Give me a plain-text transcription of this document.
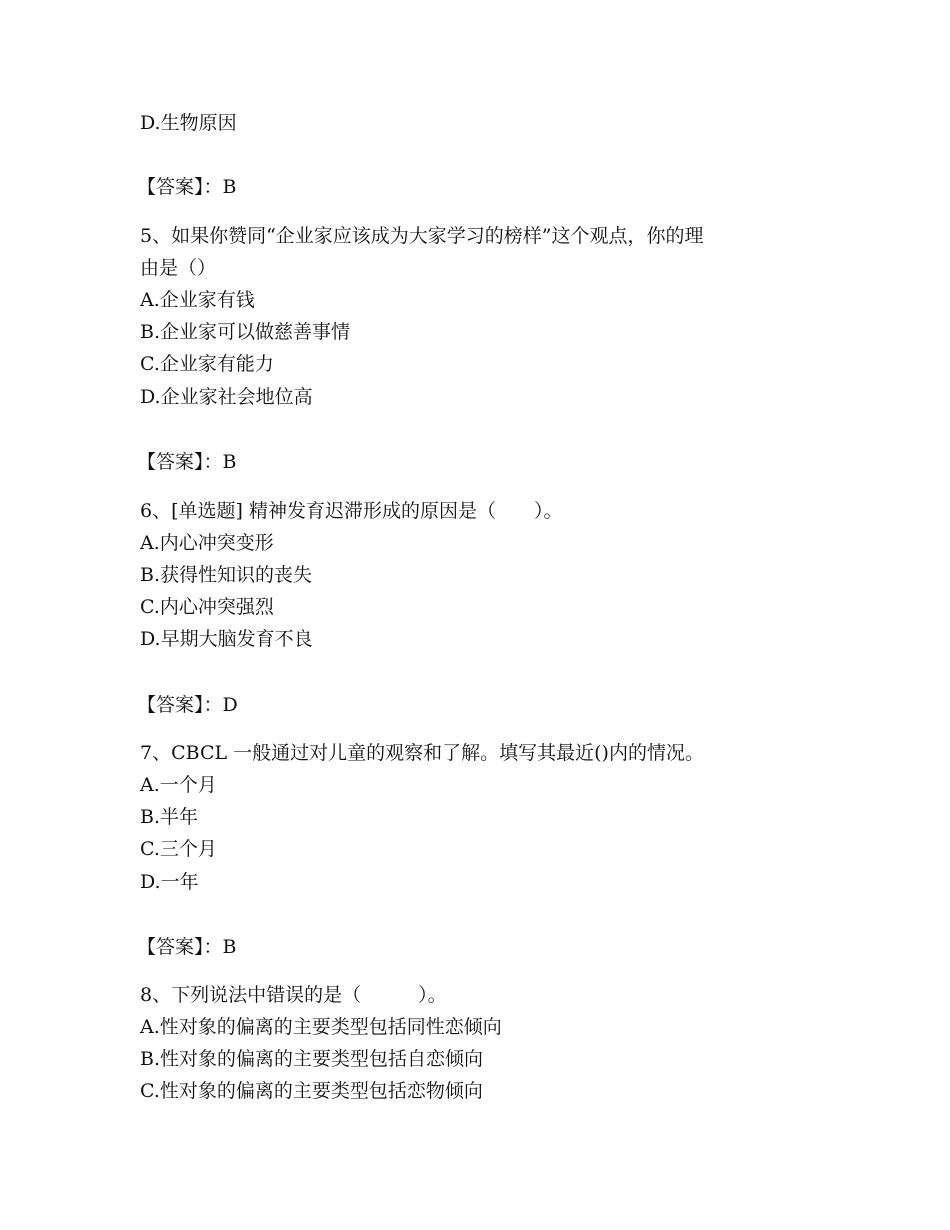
D.生物原因

【答案】：B

5、如果你赞同“企业家应该成为大家学习的榜样”这个观点，你的理

由是（）

A.企业家有钱

B.企业家可以做慈善事情

C.企业家有能力

D.企业家社会地位高

【答案】：B

6、[单选题] 精神发育迟滞形成的原因是（　　）。

A.内心冲突变形

B.获得性知识的丧失

C.内心冲突强烈

D.早期大脑发育不良

【答案】：D

7、CBCL 一般通过对儿童的观察和了解。填写其最近()内的情况。

A.一个月

B.半年

C.三个月

D.一年

【答案】：B

8、下列说法中错误的是（　　　）。

A.性对象的偏离的主要类型包括同性恋倾向

B.性对象的偏离的主要类型包括自恋倾向

C.性对象的偏离的主要类型包括恋物倾向
